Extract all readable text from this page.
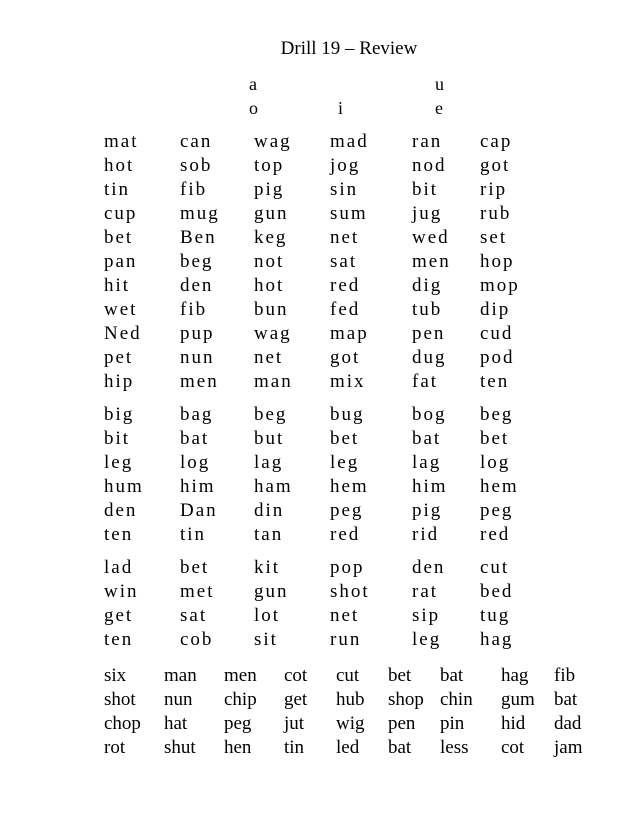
Drill 19 – Review
a	u
o	i	e
mat can wag mad ran cap
hot sob top jog	nod got
tin	fib pig sin	bit rip
cup mug gun sum jug rub
bet Ben keg net	wed set
pan beg not sat	men hop
hit	den hot red	dig mop
wet fib bun fed	tub dip
Ned pup wag map pen cud
pet nun net got	dug pod
hip men man mix fat ten
big bag beg bug	bog beg
bit	bat but bet	bat bet
leg log lag leg	lag log
hum him ham hem him hem
den Dan din peg	pig peg
ten tin	tan red	rid red
lad bet kit	pop	den cut
win met gun shot rat bed
get sat lot	net	sip tug
ten cob sit	run	leg hag
six man men cot cut bet bat hag fib
shot nun chip get hub shop chin gum bat
chop hat peg jut wig pen pin hid dad
rot shut hen tin led bat less cot jam
